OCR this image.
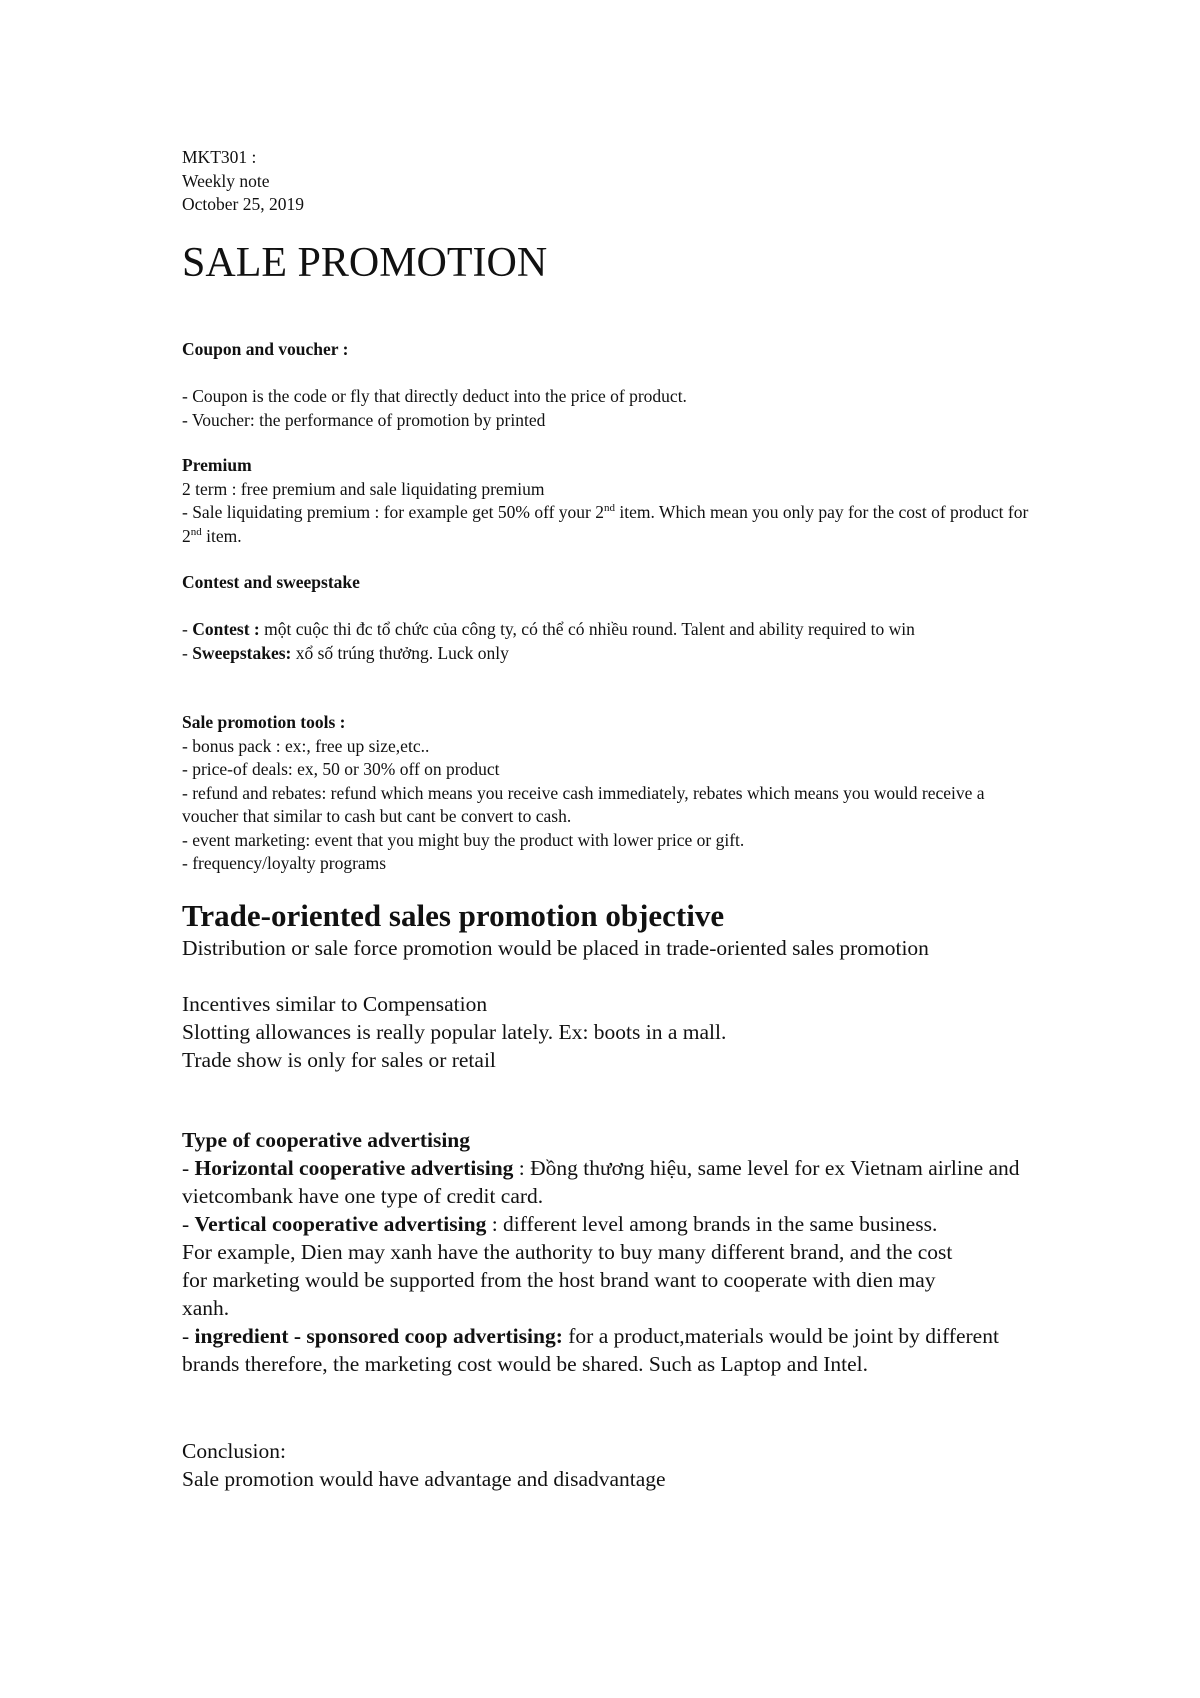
MKT301 :
Weekly note
October 25, 2019
SALE PROMOTION
Coupon and voucher :
- Coupon is the code or fly that directly deduct into the price of product.
- Voucher: the performance of promotion by printed
Premium
2 term : free premium and sale liquidating premium
- Sale liquidating premium : for example get 50% off your 2nd item. Which mean you only pay for the cost of product for 2nd item.
Contest and sweepstake
- Contest : một cuộc thi đc tổ chức của công ty, có thể có nhiều round. Talent and ability required to win
- Sweepstakes: xổ số trúng thưởng. Luck only
Sale promotion tools :
- bonus pack : ex:, free up size,etc..
- price-of deals: ex, 50 or 30% off on product
- refund and rebates: refund which means you receive cash immediately, rebates which means you would receive a voucher that similar to cash but cant be convert to cash.
- event marketing: event that you might buy the product with lower price or gift.
- frequency/loyalty programs
Trade-oriented sales promotion objective
Distribution or sale force promotion would be placed in trade-oriented sales promotion
Incentives similar to Compensation
Slotting allowances is really popular lately. Ex: boots in a mall.
Trade show is only for sales or retail
Type of cooperative advertising
- Horizontal cooperative advertising : Đồng thương hiệu, same level for ex Vietnam airline and vietcombank have one type of credit card.
- Vertical cooperative advertising : different level among brands in the same business. For example, Dien may xanh have the authority to buy many different brand, and the cost for marketing would be supported from the host brand want to cooperate with dien may xanh.
- ingredient - sponsored coop advertising: for a product,materials would be joint by different brands therefore, the marketing cost would be shared. Such as Laptop and Intel.
Conclusion:
Sale promotion would have advantage and disadvantage
